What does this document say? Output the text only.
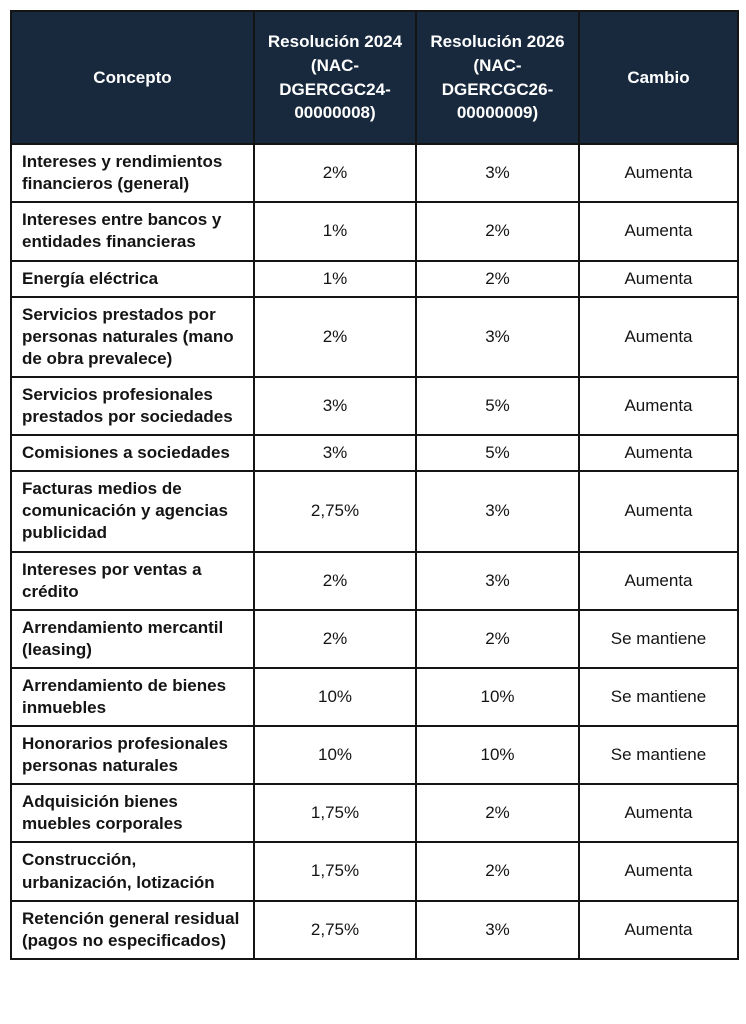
Concepto	Resolución 2024 (NAC-DGERCGC24-00000008)	Resolución 2026 (NAC-DGERCGC26-00000009)	Cambio
Intereses y rendimientos financieros (general)	2%	3%	Aumenta
Intereses entre bancos y entidades financieras	1%	2%	Aumenta
Energía eléctrica	1%	2%	Aumenta
Servicios prestados por personas naturales (mano de obra prevalece)	2%	3%	Aumenta
Servicios profesionales prestados por sociedades	3%	5%	Aumenta
Comisiones a sociedades	3%	5%	Aumenta
Facturas medios de comunicación y agencias publicidad	2,75%	3%	Aumenta
Intereses por ventas a crédito	2%	3%	Aumenta
Arrendamiento mercantil (leasing)	2%	2%	Se mantiene
Arrendamiento de bienes inmuebles	10%	10%	Se mantiene
Honorarios profesionales personas naturales	10%	10%	Se mantiene
Adquisición bienes muebles corporales	1,75%	2%	Aumenta
Construcción, urbanización, lotización	1,75%	2%	Aumenta
Retención general residual (pagos no especificados)	2,75%	3%	Aumenta
